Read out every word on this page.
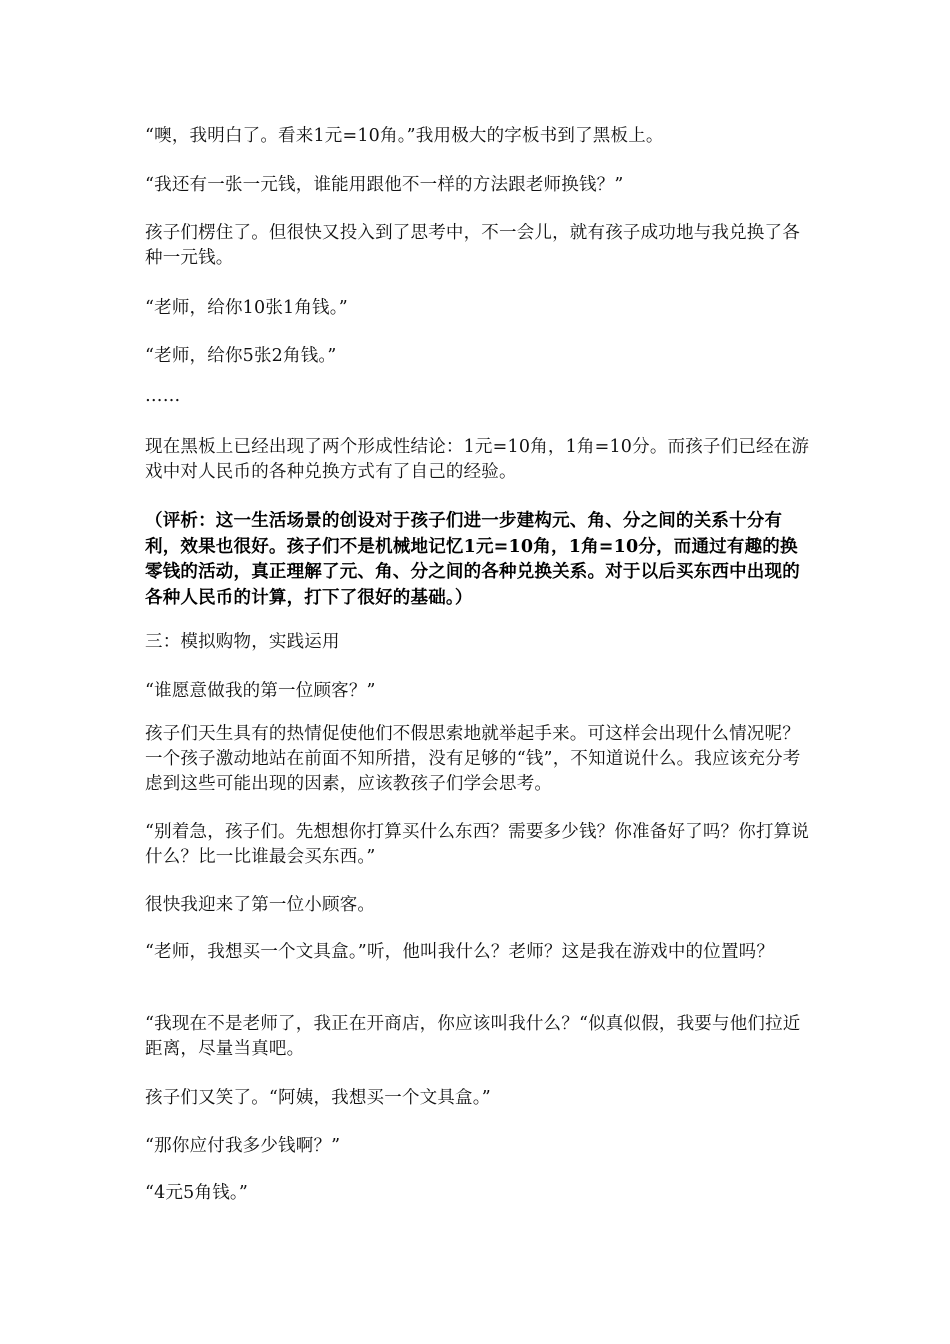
“噢，我明白了。看来1元=10角。”我用极大的字板书到了黑板上。

“我还有一张一元钱，谁能用跟他不一样的方法跟老师换钱？”

孩子们楞住了。但很快又投入到了思考中，不一会儿，就有孩子成功地与我兑换了各种一元钱。

“老师，给你10张1角钱。”

“老师，给你5张2角钱。”

……

现在黑板上已经出现了两个形成性结论：1元=10角，1角=10分。而孩子们已经在游戏中对人民币的各种兑换方式有了自己的经验。

（评析：这一生活场景的创设对于孩子们进一步建构元、角、分之间的关系十分有利，效果也很好。孩子们不是机械地记忆1元=10角，1角=10分，而通过有趣的换零钱的活动，真正理解了元、角、分之间的各种兑换关系。对于以后买东西中出现的各种人民币的计算，打下了很好的基础。）

三：模拟购物，实践运用

“谁愿意做我的第一位顾客？”

孩子们天生具有的热情促使他们不假思索地就举起手来。可这样会出现什么情况呢？一个孩子激动地站在前面不知所措，没有足够的“钱”，不知道说什么。我应该充分考虑到这些可能出现的因素，应该教孩子们学会思考。

“别着急，孩子们。先想想你打算买什么东西？需要多少钱？你准备好了吗？你打算说什么？比一比谁最会买东西。”

很快我迎来了第一位小顾客。

“老师，我想买一个文具盒。”听，他叫我什么？老师？这是我在游戏中的位置吗？

“我现在不是老师了，我正在开商店，你应该叫我什么？“似真似假，我要与他们拉近距离，尽量当真吧。

孩子们又笑了。“阿姨，我想买一个文具盒。”

“那你应付我多少钱啊？”

“4元5角钱。”
